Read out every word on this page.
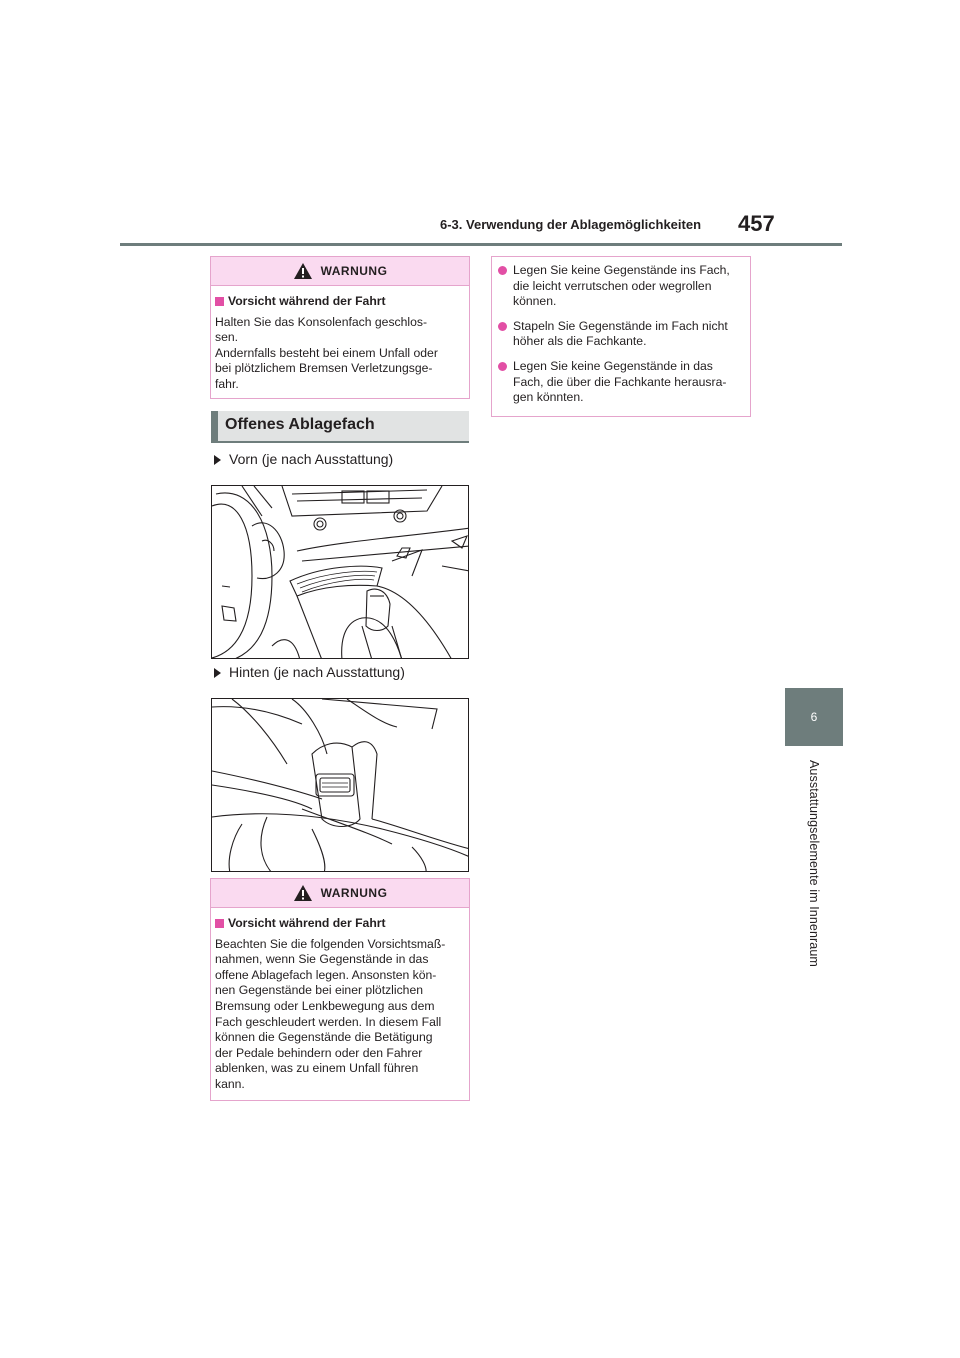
6-3. Verwendung der Ablagemöglichkeiten 457
6
Ausstattungselemente im Innenraum
WARNUNG
Vorsicht während der Fahrt
Halten Sie das Konsolenfach geschlos-
sen.
Andernfalls besteht bei einem Unfall oder
bei plötzlichem Bremsen Verletzungsge-
fahr.
Offenes Ablagefach
Vorn (je nach Ausstattung)
Hinten (je nach Ausstattung)
WARNUNG
Vorsicht während der Fahrt
Beachten Sie die folgenden Vorsichtsmaß-
nahmen, wenn Sie Gegenstände in das
offene Ablagefach legen. Ansonsten kön-
nen Gegenstände bei einer plötzlichen
Bremsung oder Lenkbewegung aus dem
Fach geschleudert werden. In diesem Fall
können die Gegenstände die Betätigung
der Pedale behindern oder den Fahrer
ablenken, was zu einem Unfall führen
kann.
Legen Sie keine Gegenstände ins Fach,
die leicht verrutschen oder wegrollen
können.
Stapeln Sie Gegenstände im Fach nicht
höher als die Fachkante.
Legen Sie keine Gegenstände in das
Fach, die über die Fachkante herausra-
gen könnten.
